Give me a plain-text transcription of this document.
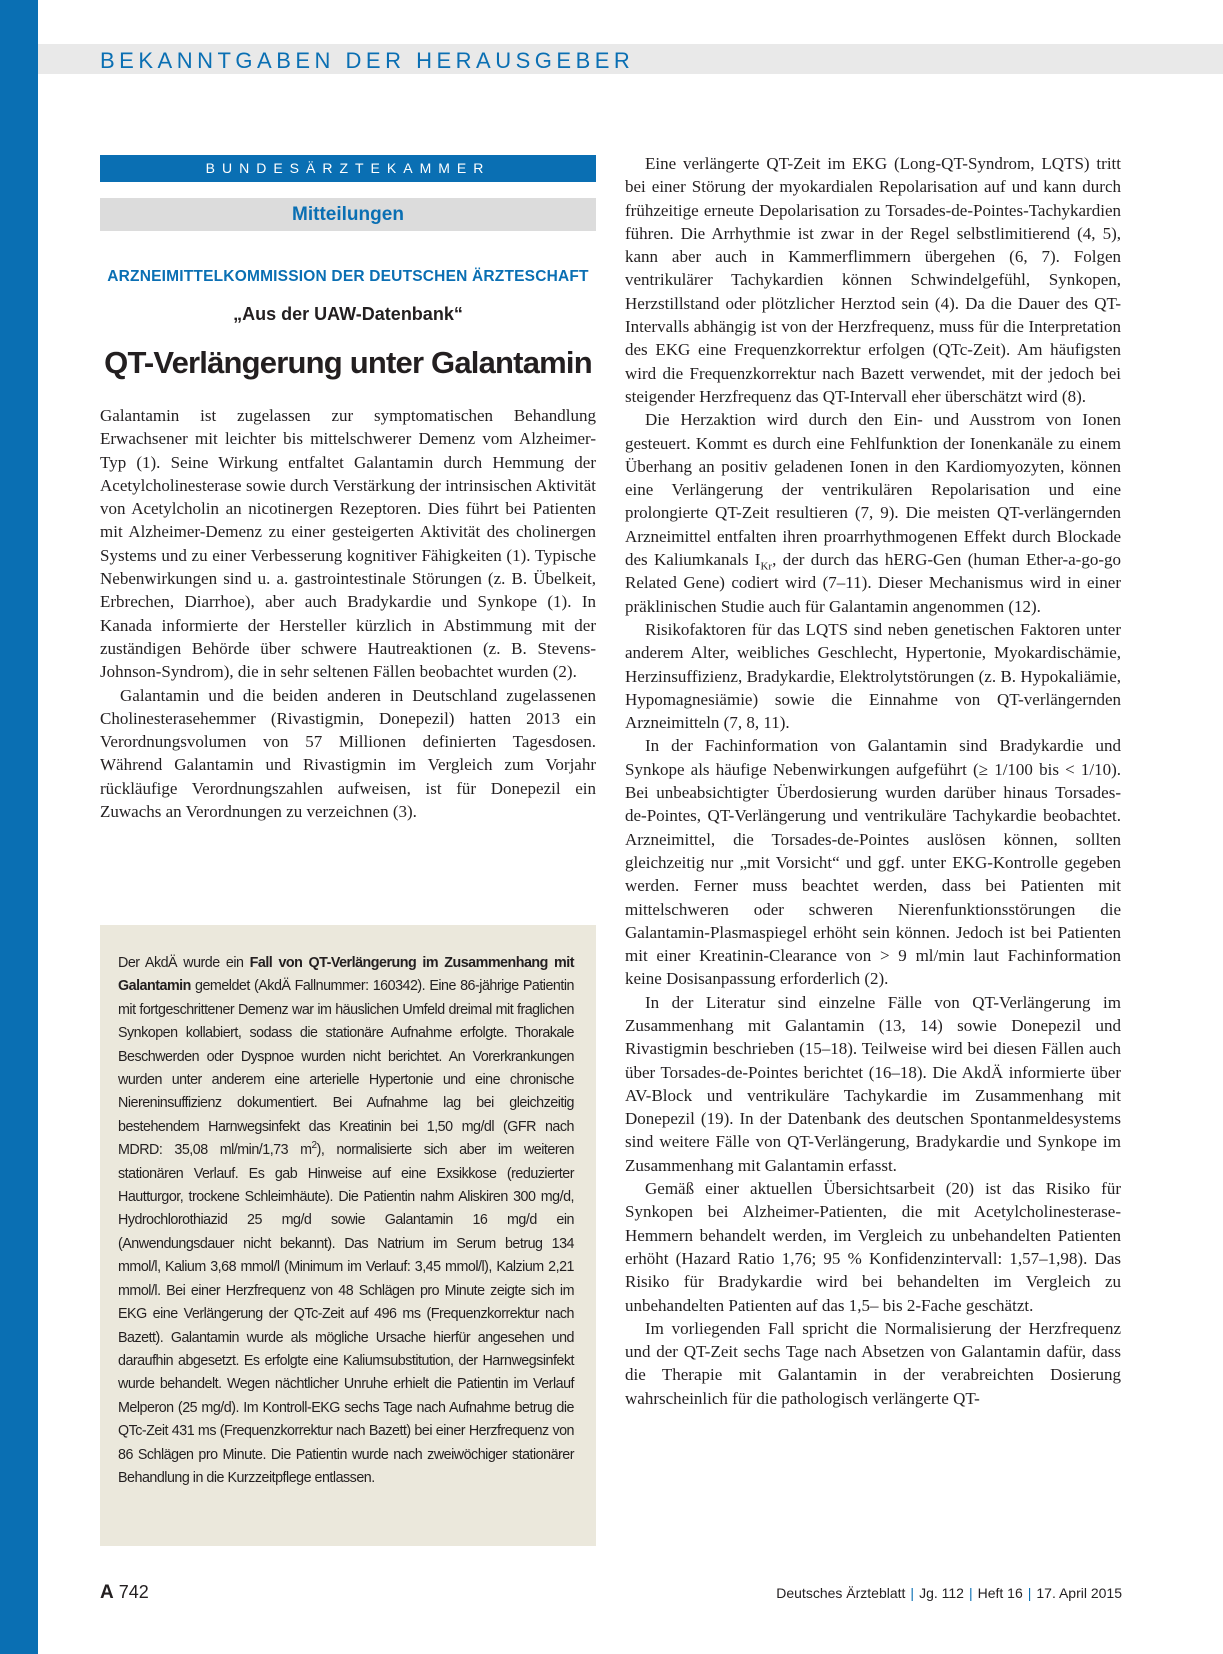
BEKANNTGABEN DER HERAUSGEBER
BUNDESÄRZTEKAMMER
Mitteilungen
ARZNEIMITTELKOMMISSION DER DEUTSCHEN ÄRZTESCHAFT
„Aus der UAW-Datenbank“
QT-Verlängerung unter Galantamin

Galantamin ist zugelassen zur symptomatischen Behandlung Erwachsener mit leichter bis mittelschwerer Demenz vom Alzheimer-Typ (1). Seine Wirkung entfaltet Galantamin durch Hemmung der Acetylcholinesterase sowie durch Verstärkung der intrinsischen Aktivität von Acetylcholin an nicotinergen Rezeptoren. Dies führt bei Patienten mit Alzheimer-Demenz zu einer gesteigerten Aktivität des cholinergen Systems und zu einer Verbesserung kognitiver Fähigkeiten (1). Typische Nebenwirkungen sind u. a. gastrointestinale Störungen (z. B. Übelkeit, Erbrechen, Diarrhoe), aber auch Bradykardie und Synkope (1). In Kanada informierte der Hersteller kürzlich in Abstimmung mit der zuständigen Behörde über schwere Hautreaktionen (z. B. Stevens-Johnson-Syndrom), die in sehr seltenen Fällen beobachtet wurden (2).

Galantamin und die beiden anderen in Deutschland zugelassenen Cholinesterasehemmer (Rivastigmin, Donepezil) hatten 2013 ein Verordnungsvolumen von 57 Millionen definierten Tagesdosen. Während Galantamin und Rivastigmin im Vergleich zum Vorjahr rückläufige Verordnungszahlen aufweisen, ist für Donepezil ein Zuwachs an Verordnungen zu verzeichnen (3).

Der AkdÄ wurde ein Fall von QT-Verlängerung im Zusammenhang mit Galantamin gemeldet (AkdÄ Fallnummer: 160342). Eine 86-jährige Patientin mit fortgeschrittener Demenz war im häuslichen Umfeld dreimal mit fraglichen Synkopen kollabiert, sodass die stationäre Aufnahme erfolgte. Thorakale Beschwerden oder Dyspnoe wurden nicht berichtet. An Vorerkrankungen wurden unter anderem eine arterielle Hypertonie und eine chronische Niereninsuffizienz dokumentiert. Bei Aufnahme lag bei gleichzeitig bestehendem Harnwegsinfekt das Kreatinin bei 1,50 mg/dl (GFR nach MDRD: 35,08 ml/min/1,73 $m^2$), normalisierte sich aber im weiteren stationären Verlauf. Es gab Hinweise auf eine Exsikkose (reduzierter Hautturgor, trockene Schleimhäute). Die Patientin nahm Aliskiren 300 mg/d, Hydrochlorothiazid 25 mg/d sowie Galantamin 16 mg/d ein (Anwendungsdauer nicht bekannt). Das Natrium im Serum betrug 134 mmol/l, Kalium 3,68 mmol/l (Minimum im Verlauf: 3,45 mmol/l), Kalzium 2,21 mmol/l. Bei einer Herzfrequenz von 48 Schlägen pro Minute zeigte sich im EKG eine Verlängerung der QTc-Zeit auf 496 ms (Frequenzkorrektur nach Bazett). Galantamin wurde als mögliche Ursache hierfür angesehen und daraufhin abgesetzt. Es erfolgte eine Kaliumsubstitution, der Harnwegsinfekt wurde behandelt. Wegen nächtlicher Unruhe erhielt die Patientin im Verlauf Melperon (25 mg/d). Im Kontroll-EKG sechs Tage nach Aufnahme betrug die QTc-Zeit 431 ms (Frequenzkorrektur nach Bazett) bei einer Herzfrequenz von 86 Schlägen pro Minute. Die Patientin wurde nach zweiwöchiger stationärer Behandlung in die Kurzzeitpflege entlassen.

Eine verlängerte QT-Zeit im EKG (Long-QT-Syndrom, LQTS) tritt bei einer Störung der myokardialen Repolarisation auf und kann durch frühzeitige erneute Depolarisation zu Torsades-de-Pointes-Tachykardien führen. Die Arrhythmie ist zwar in der Regel selbstlimitierend (4, 5), kann aber auch in Kammerflimmern übergehen (6, 7). Folgen ventrikulärer Tachykardien können Schwindelgefühl, Synkopen, Herzstillstand oder plötzlicher Herztod sein (4). Da die Dauer des QT-Intervalls abhängig ist von der Herzfrequenz, muss für die Interpretation des EKG eine Frequenzkorrektur erfolgen (QTc-Zeit). Am häufigsten wird die Frequenzkorrektur nach Bazett verwendet, mit der jedoch bei steigender Herzfrequenz das QT-Intervall eher überschätzt wird (8).

Die Herzaktion wird durch den Ein- und Ausstrom von Ionen gesteuert. Kommt es durch eine Fehlfunktion der Ionenkanäle zu einem Überhang an positiv geladenen Ionen in den Kardiomyozyten, können eine Verlängerung der ventrikulären Repolarisation und eine prolongierte QT-Zeit resultieren (7, 9). Die meisten QT-verlängernden Arzneimittel entfalten ihren proarrhythmogenen Effekt durch Blockade des Kaliumkanals $I_{Kr}$, der durch das hERG-Gen (human Ether-a-go-go Related Gene) codiert wird (7–11). Dieser Mechanismus wird in einer präklinischen Studie auch für Galantamin angenommen (12).

Risikofaktoren für das LQTS sind neben genetischen Faktoren unter anderem Alter, weibliches Geschlecht, Hypertonie, Myokardischämie, Herzinsuffizienz, Bradykardie, Elektrolytstörungen (z. B. Hypokaliämie, Hypomagnesiämie) sowie die Einnahme von QT-verlängernden Arzneimitteln (7, 8, 11).

In der Fachinformation von Galantamin sind Bradykardie und Synkope als häufige Nebenwirkungen aufgeführt (≥ 1/100 bis < 1/10). Bei unbeabsichtigter Überdosierung wurden darüber hinaus Torsades-de-Pointes, QT-Verlängerung und ventrikuläre Tachykardie beobachtet. Arzneimittel, die Torsades-de-Pointes auslösen können, sollten gleichzeitig nur „mit Vorsicht“ und ggf. unter EKG-Kontrolle gegeben werden. Ferner muss beachtet werden, dass bei Patienten mit mittelschweren oder schweren Nierenfunktionsstörungen die Galantamin-Plasmaspiegel erhöht sein können. Jedoch ist bei Patienten mit einer Kreatinin-Clearance von > 9 ml/min laut Fachinformation keine Dosisanpassung erforderlich (2).

In der Literatur sind einzelne Fälle von QT-Verlängerung im Zusammenhang mit Galantamin (13, 14) sowie Donepezil und Rivastigmin beschrieben (15–18). Teilweise wird bei diesen Fällen auch über Torsades-de-Pointes berichtet (16–18). Die AkdÄ informierte über AV-Block und ventrikuläre Tachykardie im Zusammenhang mit Donepezil (19). In der Datenbank des deutschen Spontanmeldesystems sind weitere Fälle von QT-Verlängerung, Bradykardie und Synkope im Zusammenhang mit Galantamin erfasst.

Gemäß einer aktuellen Übersichtsarbeit (20) ist das Risiko für Synkopen bei Alzheimer-Patienten, die mit Acetylcholinesterase-Hemmern behandelt werden, im Vergleich zu unbehandelten Patienten erhöht (Hazard Ratio 1,76; 95 % Konfidenzintervall: 1,57–1,98). Das Risiko für Bradykardie wird bei behandelten im Vergleich zu unbehandelten Patienten auf das 1,5– bis 2-Fache geschätzt.

Im vorliegenden Fall spricht die Normalisierung der Herzfrequenz und der QT-Zeit sechs Tage nach Absetzen von Galantamin dafür, dass die Therapie mit Galantamin in der verabreichten Dosierung wahrscheinlich für die pathologisch verlängerte QT-

A 742	Deutsches Ärzteblatt | Jg. 112 | Heft 16 | 17. April 2015
